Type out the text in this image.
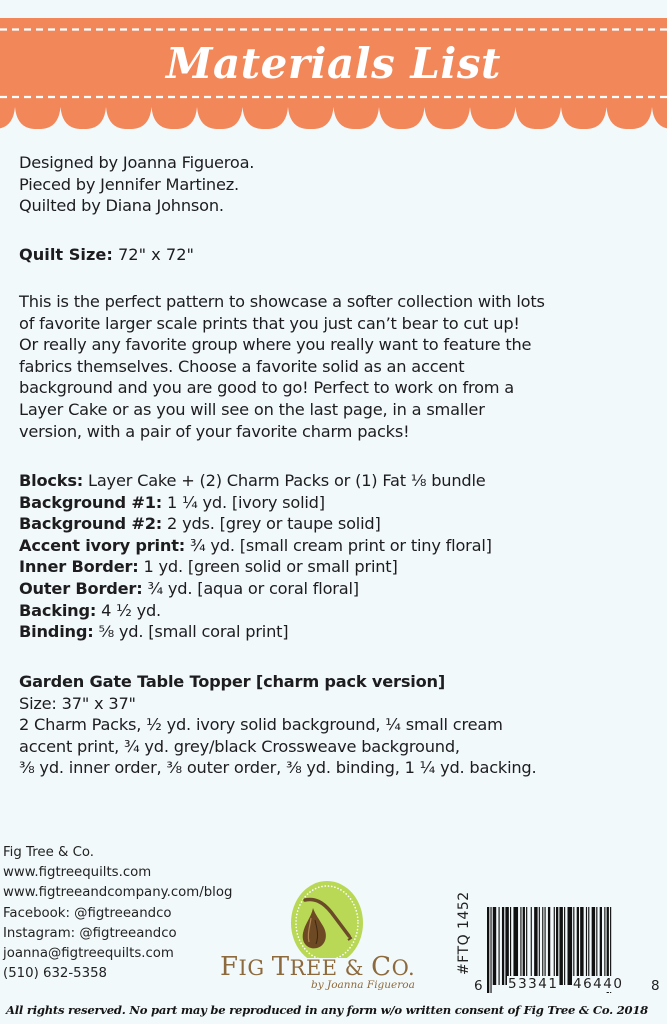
Materials List
Designed by Joanna Figueroa.
Pieced by Jennifer Martinez.
Quilted by Diana Johnson.
Quilt Size: 72" x 72"
This is the perfect pattern to showcase a softer collection with lots
of favorite larger scale prints that you just can’t bear to cut up!
Or really any favorite group where you really want to feature the
fabrics themselves. Choose a favorite solid as an accent
background and you are good to go! Perfect to work on from a
Layer Cake or as you will see on the last page, in a smaller
version, with a pair of your favorite charm packs!
Blocks: Layer Cake + (2) Charm Packs or (1) Fat ⅛ bundle
Background #1: 1 ¼ yd. [ivory solid]
Background #2: 2 yds. [grey or taupe solid]
Accent ivory print: ¾ yd. [small cream print or tiny floral]
Inner Border: 1 yd. [green solid or small print]
Outer Border: ¾ yd. [aqua or coral floral]
Backing: 4 ½ yd.
Binding: ⅝ yd. [small coral print]
Garden Gate Table Topper [charm pack version]
Size: 37" x 37"
2 Charm Packs, ½ yd. ivory solid background, ¼ small cream
accent print, ¾ yd. grey/black Crossweave background,
⅜ yd. inner order, ⅜ outer order, ⅜ yd. binding, 1 ¼ yd. backing.
Fig Tree & Co.
www.figtreequilts.com
www.figtreeandcompany.com/blog
Facebook: @figtreeandco
Instagram: @figtreeandco
joanna@figtreequilts.com
(510) 632-5358	FIG TREE & CO.
by Joanna Figueroa
#FTQ 1452
6 53341 46440 8
All rights reserved. No part may be reproduced in any form w/o written consent of Fig Tree & Co. 2018
